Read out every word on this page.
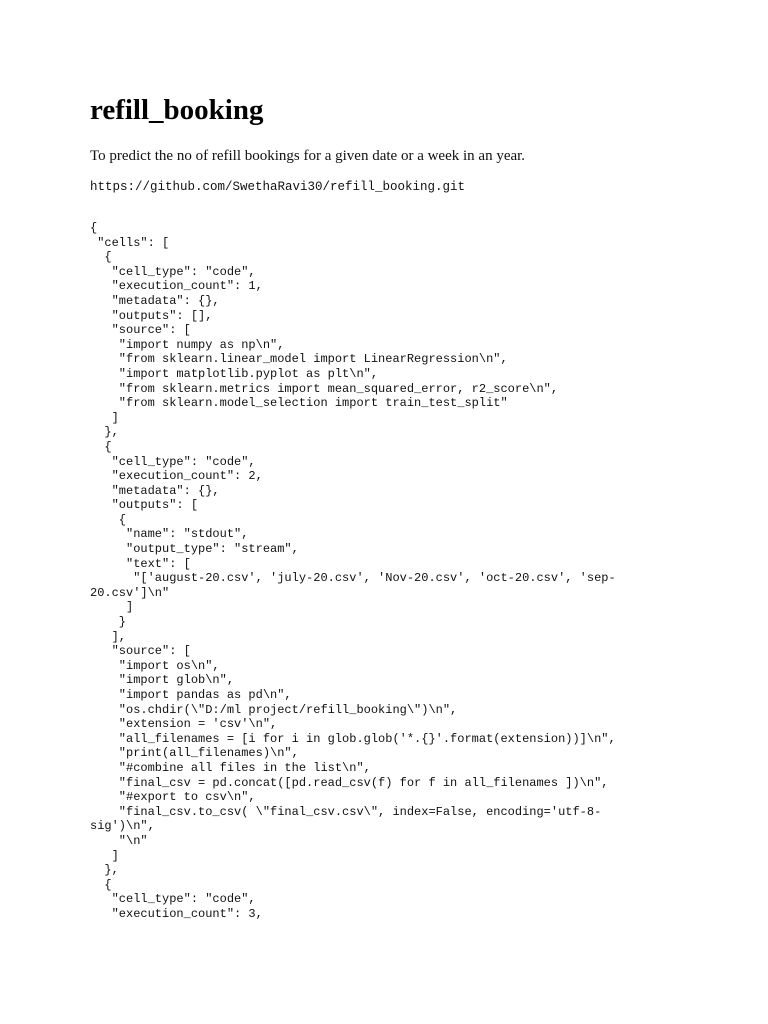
refill_booking
To predict the no of refill bookings for a given date or a week in an year.
https://github.com/SwethaRavi30/refill_booking.git
{
"cells": [
{
"cell_type": "code",
"execution_count": 1,
"metadata": {},
"outputs": [],
"source": [
"import numpy as np\n",
"from sklearn.linear_model import LinearRegression\n",
"import matplotlib.pyplot as plt\n",
"from sklearn.metrics import mean_squared_error, r2_score\n",
"from sklearn.model_selection import train_test_split"
]
},
{
"cell_type": "code",
"execution_count": 2,
"metadata": {},
"outputs": [
{
"name": "stdout",
"output_type": "stream",
"text": [
"['august-20.csv', 'july-20.csv', 'Nov-20.csv', 'oct-20.csv', 'sep-
20.csv']\n"
]
}
],
"source": [
"import os\n",
"import glob\n",
"import pandas as pd\n",
"os.chdir(\"D:/ml project/refill_booking\")\n",
"extension = 'csv'\n",
"all_filenames = [i for i in glob.glob('*.{}'.format(extension))]\n",
"print(all_filenames)\n",
"#combine all files in the list\n",
"final_csv = pd.concat([pd.read_csv(f) for f in all_filenames ])\n",
"#export to csv\n",
"final_csv.to_csv( \"final_csv.csv\", index=False, encoding='utf-8-
sig')\n",
"\n"
]
},
{
"cell_type": "code",
"execution_count": 3,
